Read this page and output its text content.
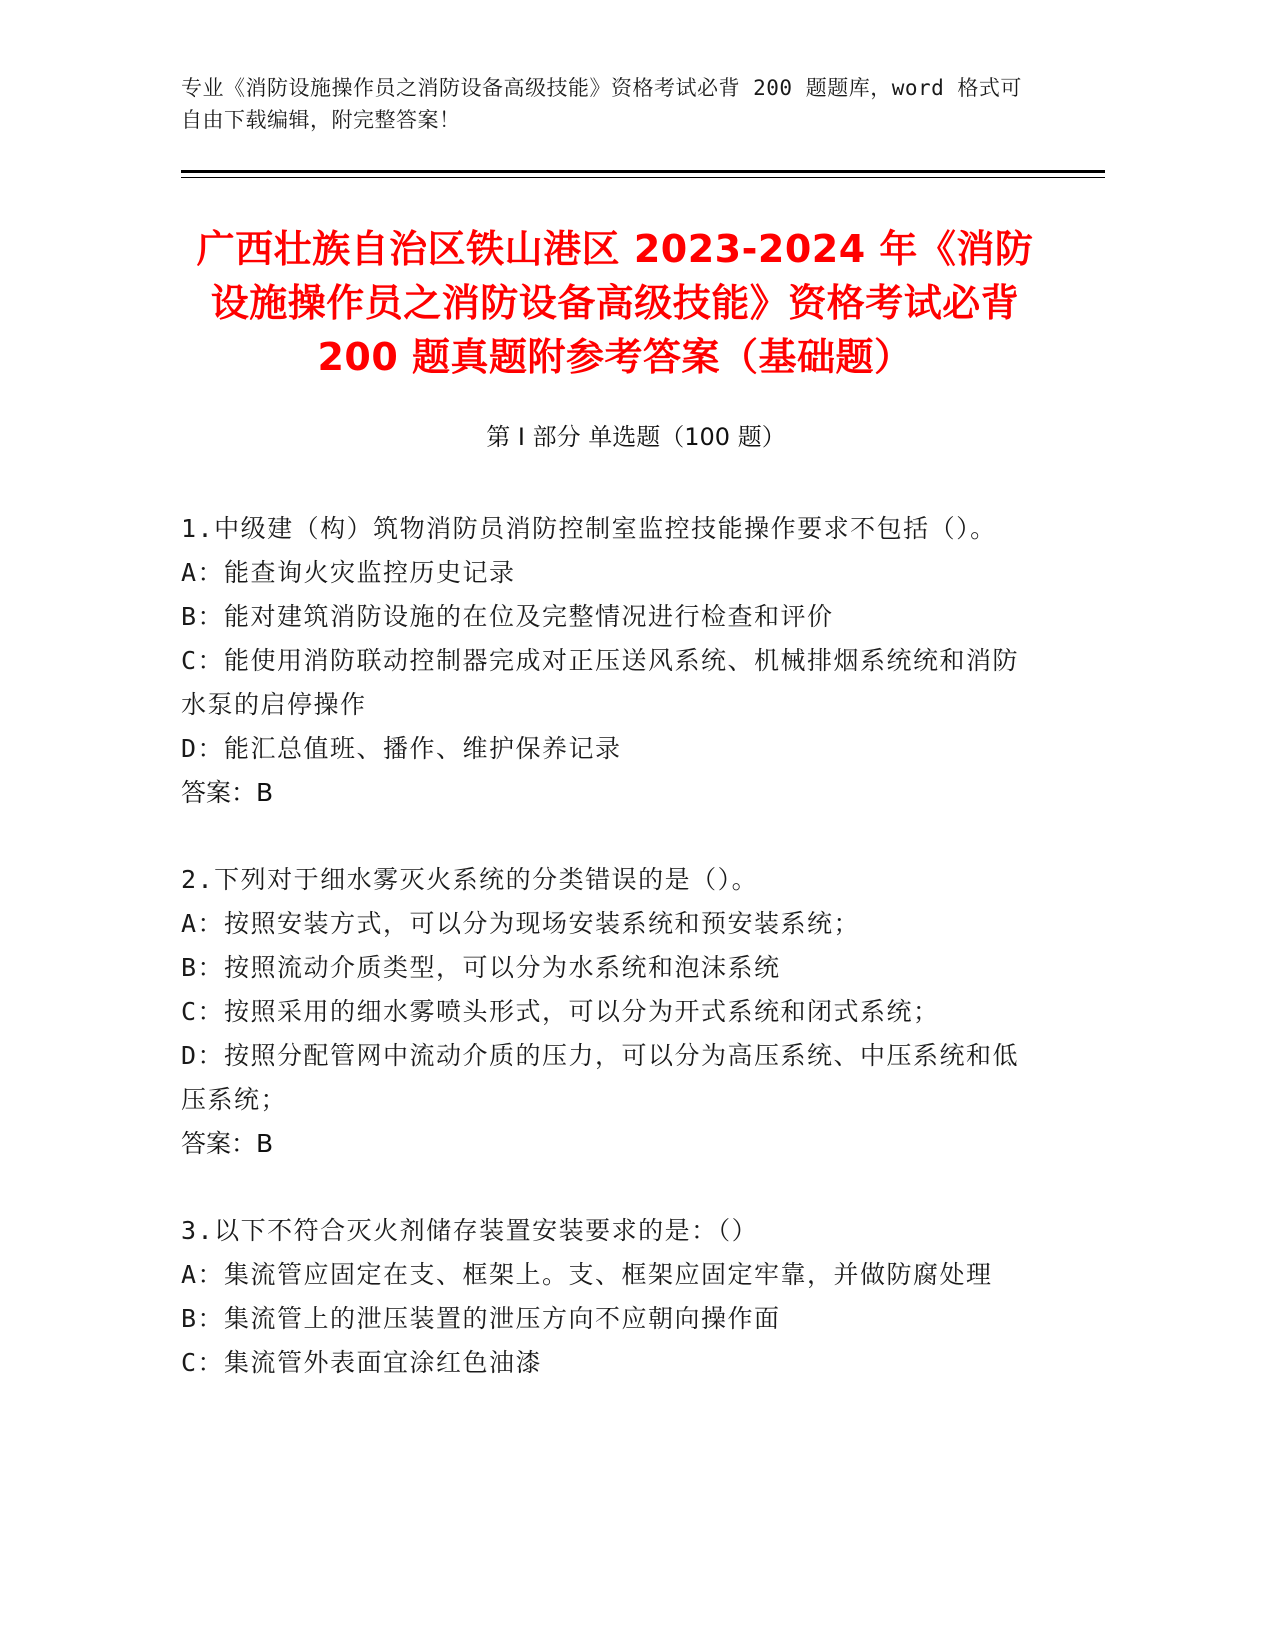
专业《消防设施操作员之消防设备高级技能》资格考试必背 200 题题库，word 格式可自由下载编辑，附完整答案！
广西壮族自治区铁山港区 2023-2024 年《消防设施操作员之消防设备高级技能》资格考试必背 200 题真题附参考答案（基础题）
第 I 部分 单选题（100 题）
1.中级建（构）筑物消防员消防控制室监控技能操作要求不包括（）。
A：能查询火灾监控历史记录
B：能对建筑消防设施的在位及完整情况进行检查和评价
C：能使用消防联动控制器完成对正压送风系统、机械排烟系统统和消防水泵的启停操作
D：能汇总值班、播作、维护保养记录
答案：B
2.下列对于细水雾灭火系统的分类错误的是（）。
A：按照安装方式，可以分为现场安装系统和预安装系统；
B：按照流动介质类型，可以分为水系统和泡沫系统
C：按照采用的细水雾喷头形式，可以分为开式系统和闭式系统；
D：按照分配管网中流动介质的压力，可以分为高压系统、中压系统和低压系统；
答案：B
3.以下不符合灭火剂储存装置安装要求的是：（）
A：集流管应固定在支、框架上。支、框架应固定牢靠，并做防腐处理
B：集流管上的泄压装置的泄压方向不应朝向操作面
C：集流管外表面宜涂红色油漆
